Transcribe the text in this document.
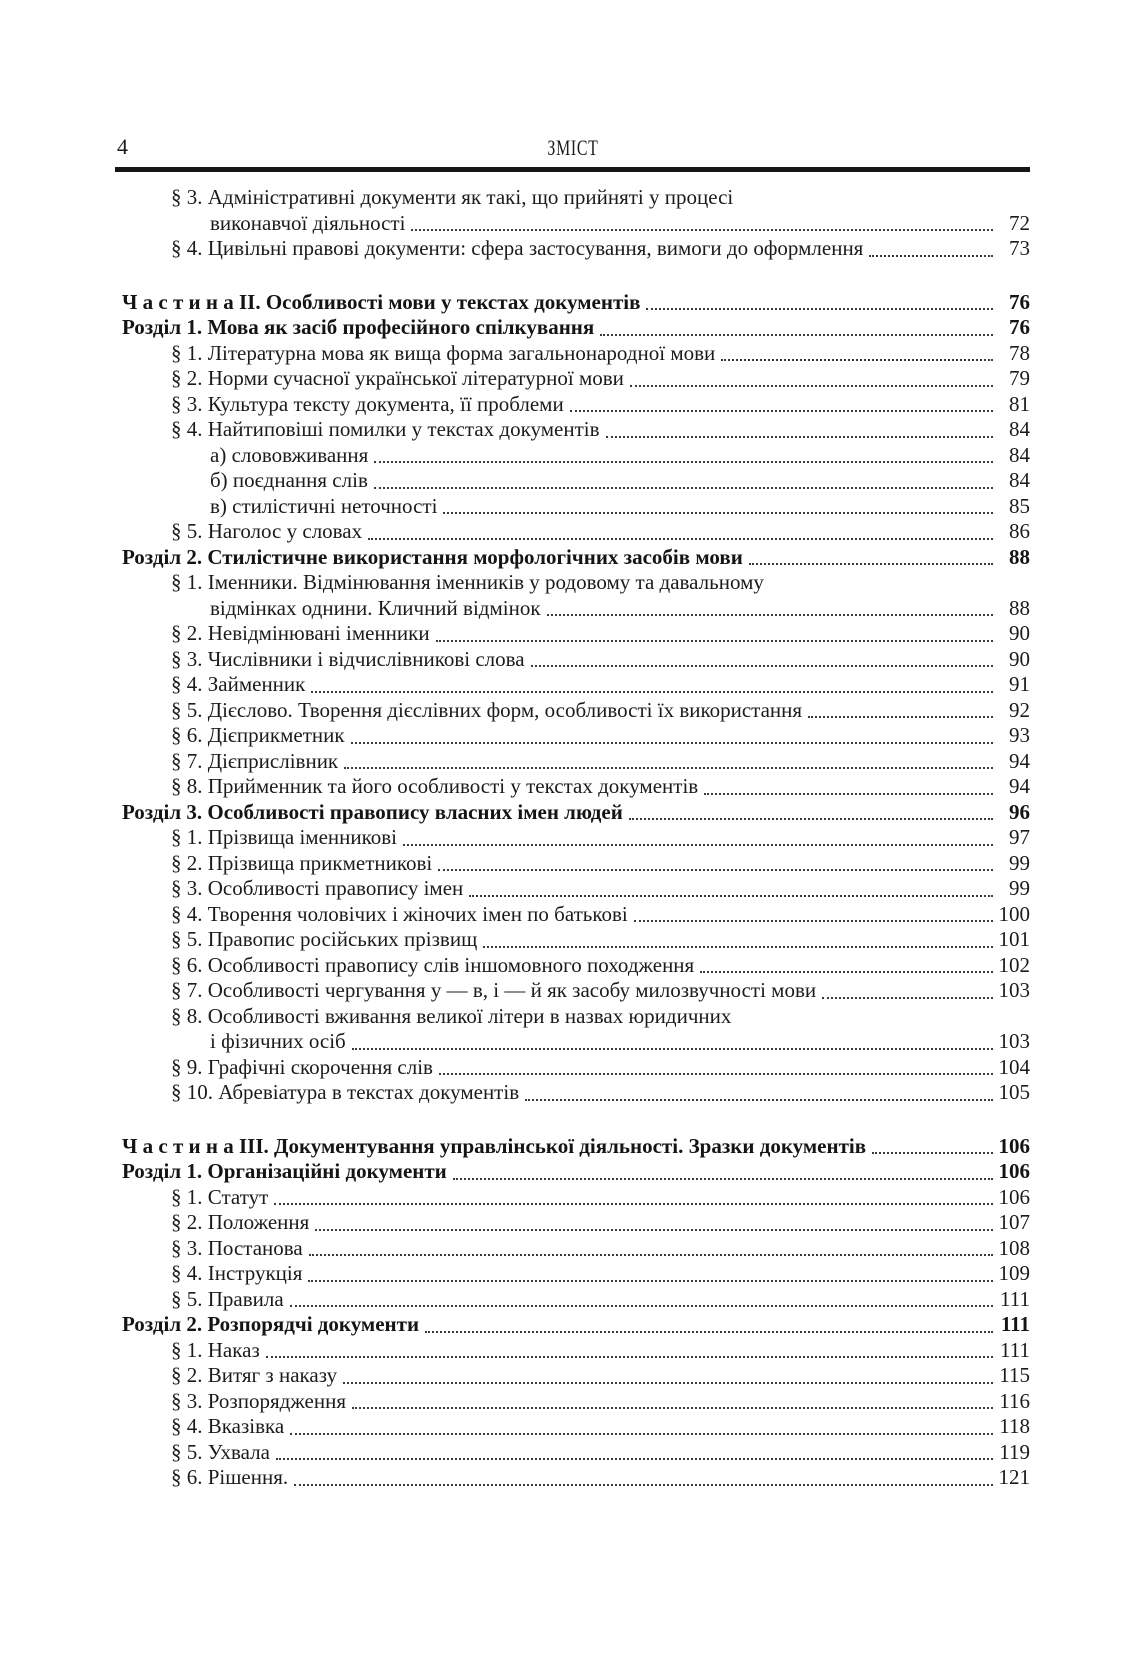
4	ЗМІСТ
§ 3. Адміністративні документи як такі, що прийняті у процесі
виконавчої діяльності	72
§ 4. Цивільні правові документи: сфера застосування, вимоги до оформлення	73
Ч а с т и н а II. Особливості мови у текстах документів	76
Розділ 1. Мова як засіб професійного спілкування	76
§ 1. Літературна мова як вища форма загальнонародної мови	78
§ 2. Норми сучасної української літературної мови	79
§ 3. Культура тексту документа, її проблеми	81
§ 4. Найтиповіші помилки у текстах документів	84
а) слововживання	84
б) поєднання слів	84
в) стилістичні неточності	85
§ 5. Наголос у словах	86
Розділ 2. Стилістичне використання морфологічних засобів мови	88
§ 1. Іменники. Відмінювання іменників у родовому та давальному
відмінках однини. Кличний відмінок	88
§ 2. Невідмінювані іменники	90
§ 3. Числівники і відчислівникові слова	90
§ 4. Займенник	91
§ 5. Дієслово. Творення дієслівних форм, особливості їх використання	92
§ 6. Дієприкметник	93
§ 7. Дієприслівник	94
§ 8. Прийменник та його особливості у текстах документів	94
Розділ 3. Особливості правопису власних імен людей	96
§ 1. Прізвища іменникові	97
§ 2. Прізвища прикметникові	99
§ 3. Особливості правопису імен	99
§ 4. Творення чоловічих і жіночих імен по батькові	100
§ 5. Правопис російських прізвищ	101
§ 6. Особливості правопису слів іншомовного походження	102
§ 7. Особливості чергування у — в, і — й як засобу милозвучності мови	103
§ 8. Особливості вживання великої літери в назвах юридичних
і фізичних осіб	103
§ 9. Графічні скорочення слів	104
§ 10. Абревіатура в текстах документів	105
Ч а с т и н а III. Документування управлінської діяльності. Зразки документів	106
Розділ 1. Організаційні документи	106
§ 1. Статут	106
§ 2. Положення	107
§ 3. Постанова	108
§ 4. Інструкція	109
§ 5. Правила	111
Розділ 2. Розпорядчі документи	111
§ 1. Наказ	111
§ 2. Витяг з наказу	115
§ 3. Розпорядження	116
§ 4. Вказівка	118
§ 5. Ухвала	119
§ 6. Рішення.	121
